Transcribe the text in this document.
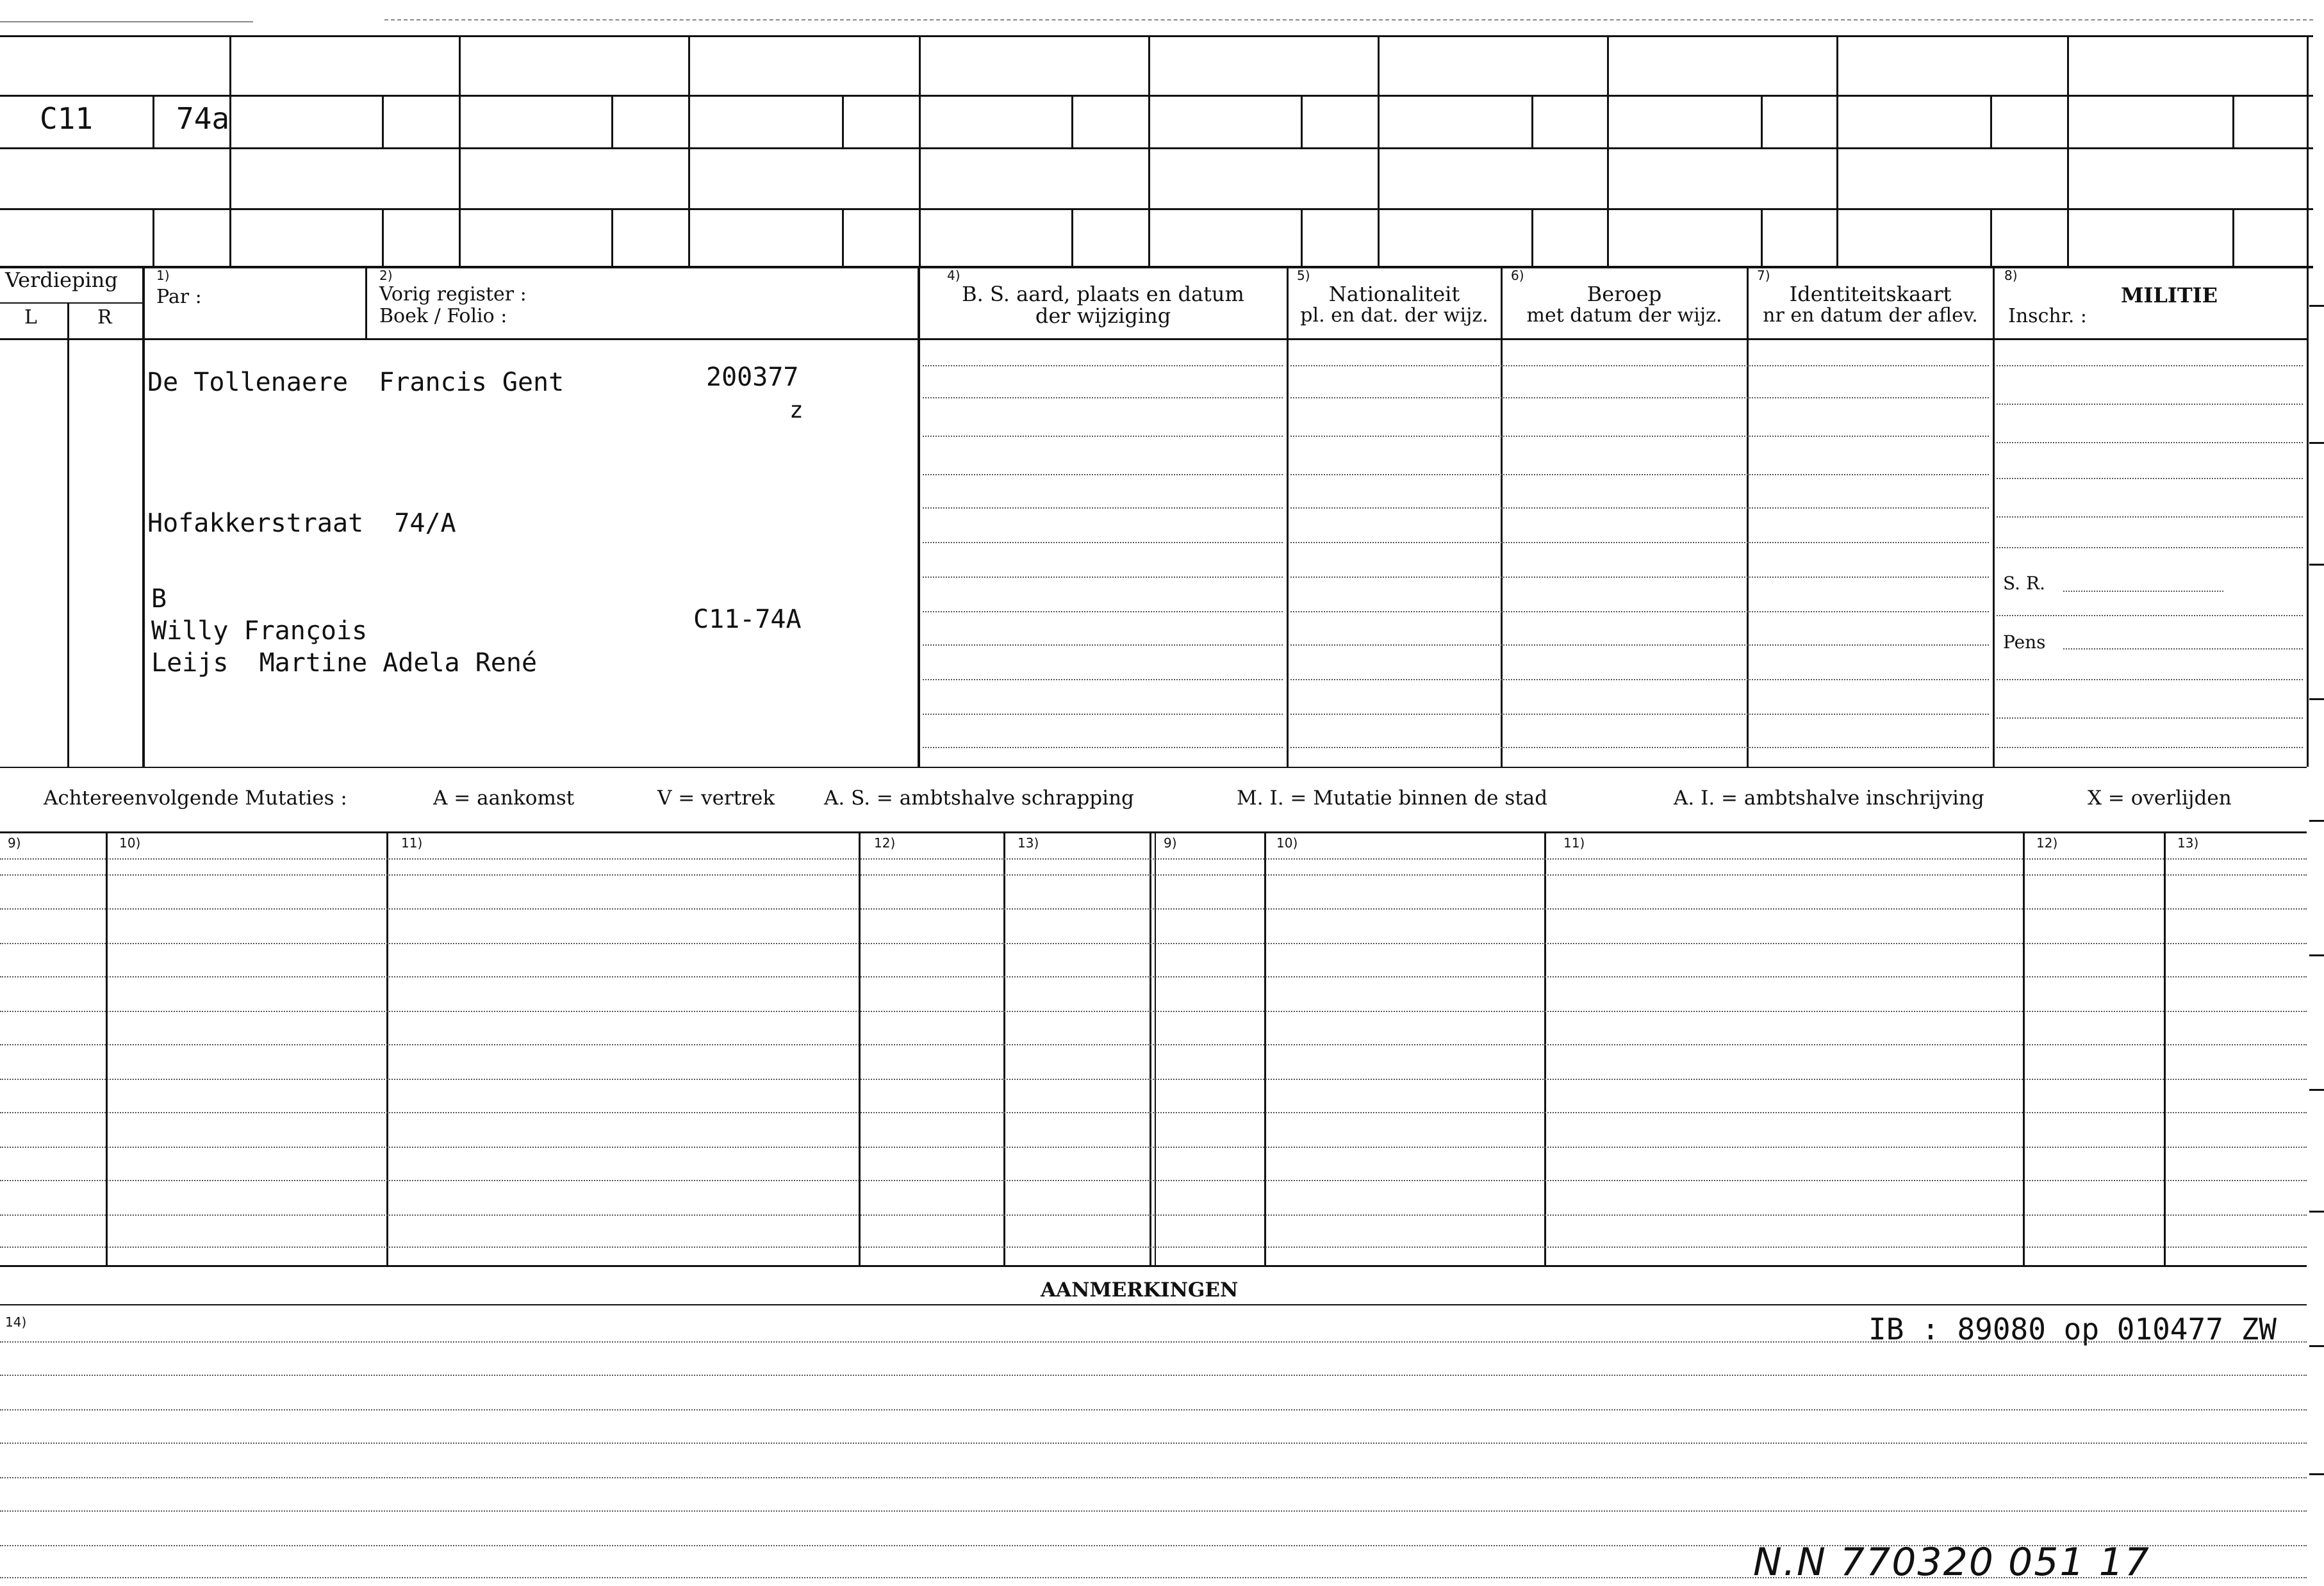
C11	74a
Verdieping
L	R
1)
Par :
2)
Vorig register :
Boek / Folio :
4)
B. S. aard, plaats en datum
der wijziging
5)
Nationaliteit
pl. en dat. der wijz.
6)
Beroep
met datum der wijz.
7)
Identiteitskaart
nr en datum der aflev.
8)
MILITIE
Inschr. :
De Tollenaere  Francis Gent	200377
z
Hofakkerstraat  74/A
B
Willy François
Leijs  Martine Adela René
C11-74A
S. R.
Pens
Achtereenvolgende Mutaties :	A = aankomst	V = vertrek A. S. = ambtshalve schrapping	M. I. = Mutatie binnen de stad	A. I. = ambtshalve inschrijving	X = overlijden
9)	10)	11)	12)	13)	9)	10)	11)	12)	13)
AANMERKINGEN
14)	IB : 89080 op 010477 ZW
N.N 770320 051 17
